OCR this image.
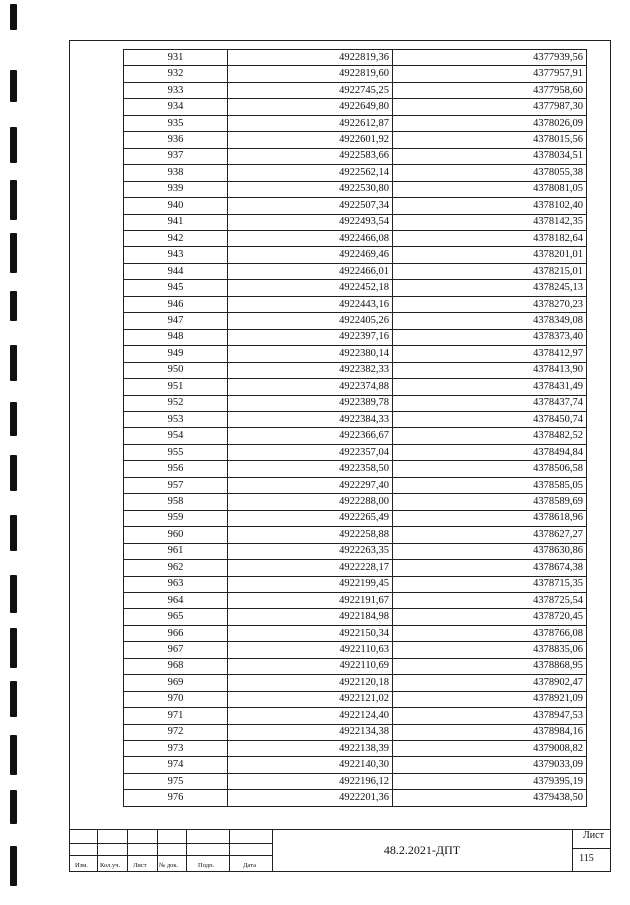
931	4922819,36	4377939,56
932	4922819,60	4377957,91
933	4922745,25	4377958,60
934	4922649,80	4377987,30
935	4922612,87	4378026,09
936	4922601,92	4378015,56
937	4922583,66	4378034,51
938	4922562,14	4378055,38
939	4922530,80	4378081,05
940	4922507,34	4378102,40
941	4922493,54	4378142,35
942	4922466,08	4378182,64
943	4922469,46	4378201,01
944	4922466,01	4378215,01
945	4922452,18	4378245,13
946	4922443,16	4378270,23
947	4922405,26	4378349,08
948	4922397,16	4378373,40
949	4922380,14	4378412,97
950	4922382,33	4378413,90
951	4922374,88	4378431,49
952	4922389,78	4378437,74
953	4922384,33	4378450,74
954	4922366,67	4378482,52
955	4922357,04	4378494,84
956	4922358,50	4378506,58
957	4922297,40	4378585,05
958	4922288,00	4378589,69
959	4922265,49	4378618,96
960	4922258,88	4378627,27
961	4922263,35	4378630,86
962	4922228,17	4378674,38
963	4922199,45	4378715,35
964	4922191,67	4378725,54
965	4922184,98	4378720,45
966	4922150,34	4378766,08
967	4922110,63	4378835,06
968	4922110,69	4378868,95
969	4922120,18	4378902,47
970	4922121,02	4378921,09
971	4922124,40	4378947,53
972	4922134,38	4378984,16
973	4922138,39	4379008,82
974	4922140,30	4379033,09
975	4922196,12	4379395,19
976	4922201,36	4379438,50
Изм. Кол.уч. Лист № док.	Подп.	Дата
48.2.2021-ДПТ
Лист
115
